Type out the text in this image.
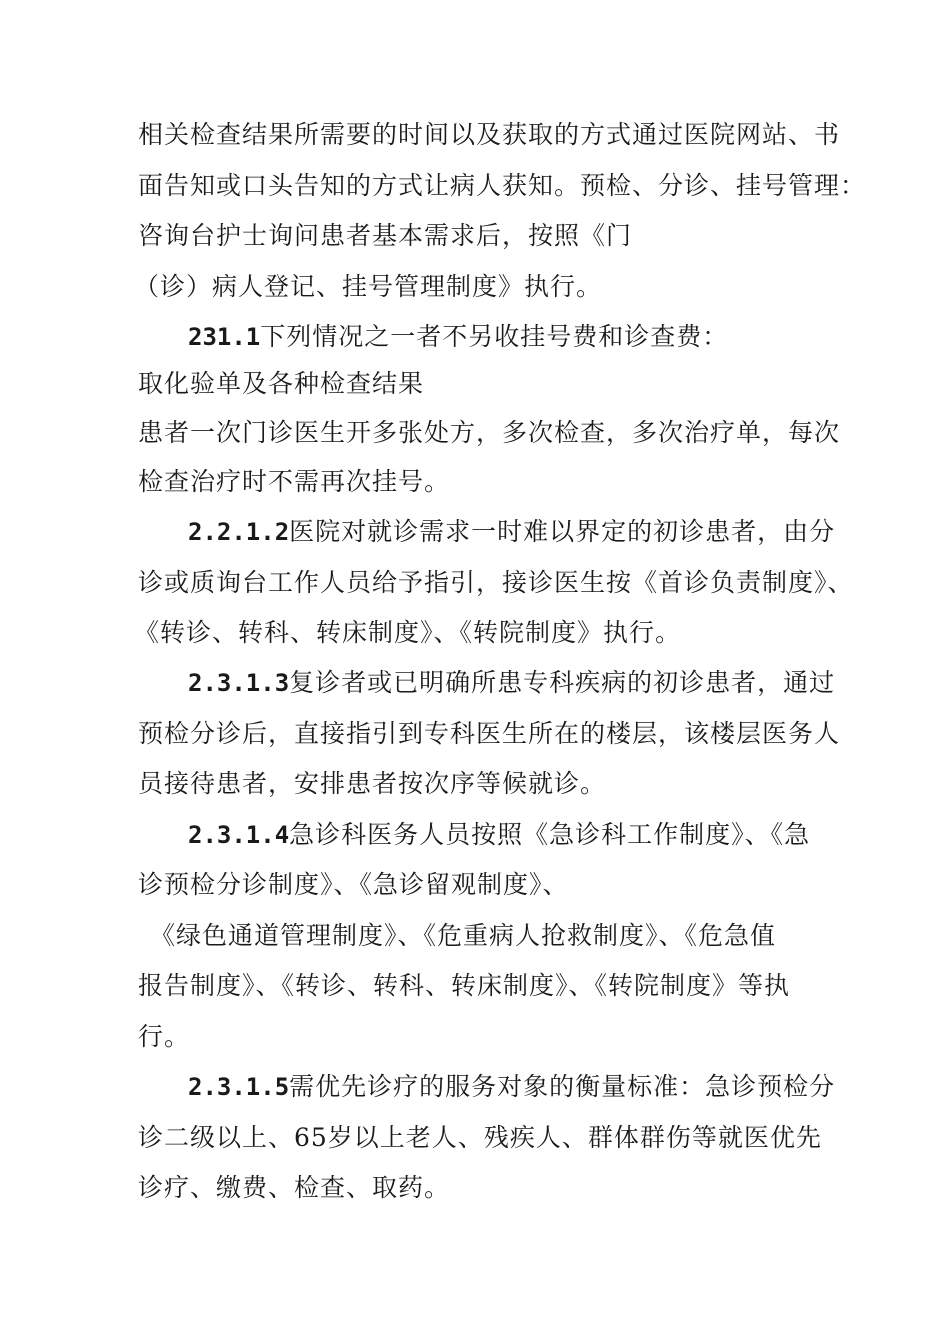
相关检查结果所需要的时间以及获取的方式通过医院网站、书
面告知或口头告知的方式让病人获知。预检、分诊、挂号管理：
咨询台护士询问患者基本需求后，按照《门
（诊）病人登记、挂号管理制度》执行。
231.1下列情况之一者不另收挂号费和诊查费：
取化验单及各种检查结果
患者一次门诊医生开多张处方，多次检查，多次治疗单，每次
检查治疗时不需再次挂号。
2.2.1.2医院对就诊需求一时难以界定的初诊患者，由分
诊或质询台工作人员给予指引，接诊医生按《首诊负责制度》、
《转诊、转科、转床制度》、《转院制度》执行。
2.3.1.3复诊者或已明确所患专科疾病的初诊患者，通过
预检分诊后，直接指引到专科医生所在的楼层，该楼层医务人
员接待患者，安排患者按次序等候就诊。
2.3.1.4急诊科医务人员按照《急诊科工作制度》、《急
诊预检分诊制度》、《急诊留观制度》、
《绿色通道管理制度》、《危重病人抢救制度》、《危急值
报告制度》、《转诊、转科、转床制度》、《转院制度》等执
行。
2.3.1.5需优先诊疗的服务对象的衡量标准：急诊预检分
诊二级以上、65岁以上老人、残疾人、群体群伤等就医优先
诊疗、缴费、检查、取药。
